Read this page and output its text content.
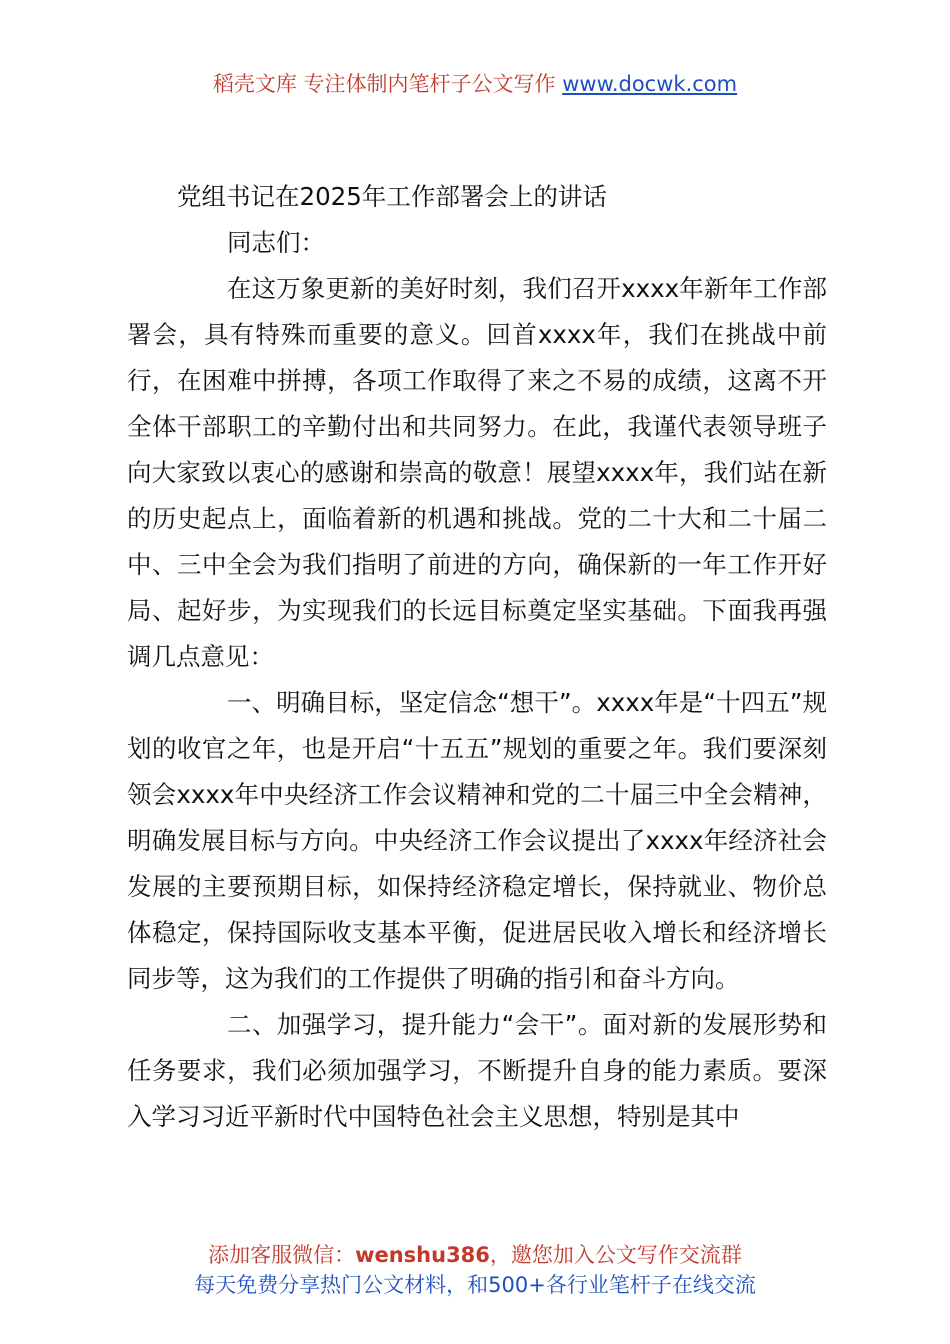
稻壳文库 专注体制内笔杆子公文写作 www.docwk.com

党组书记在2025年工作部署会上的讲话

同志们：

在这万象更新的美好时刻，我们召开xxxx年新年工作部署会，具有特殊而重要的意义。回首xxxx年，我们在挑战中前行，在困难中拼搏，各项工作取得了来之不易的成绩，这离不开全体干部职工的辛勤付出和共同努力。在此，我谨代表领导班子向大家致以衷心的感谢和崇高的敬意！展望xxxx年，我们站在新的历史起点上，面临着新的机遇和挑战。党的二十大和二十届二中、三中全会为我们指明了前进的方向，确保新的一年工作开好局、起好步，为实现我们的长远目标奠定坚实基础。下面我再强调几点意见：

一、明确目标，坚定信念“想干”。xxxx年是“十四五”规划的收官之年，也是开启“十五五”规划的重要之年。我们要深刻领会xxxx年中央经济工作会议精神和党的二十届三中全会精神，明确发展目标与方向。中央经济工作会议提出了xxxx年经济社会发展的主要预期目标，如保持经济稳定增长，保持就业、物价总体稳定，保持国际收支基本平衡，促进居民收入增长和经济增长同步等，这为我们的工作提供了明确的指引和奋斗方向。

二、加强学习，提升能力“会干”。面对新的发展形势和任务要求，我们必须加强学习，不断提升自身的能力素质。要深入学习习近平新时代中国特色社会主义思想，特别是其中

添加客服微信：wenshu386，邀您加入公文写作交流群
每天免费分享热门公文材料，和500+各行业笔杆子在线交流
